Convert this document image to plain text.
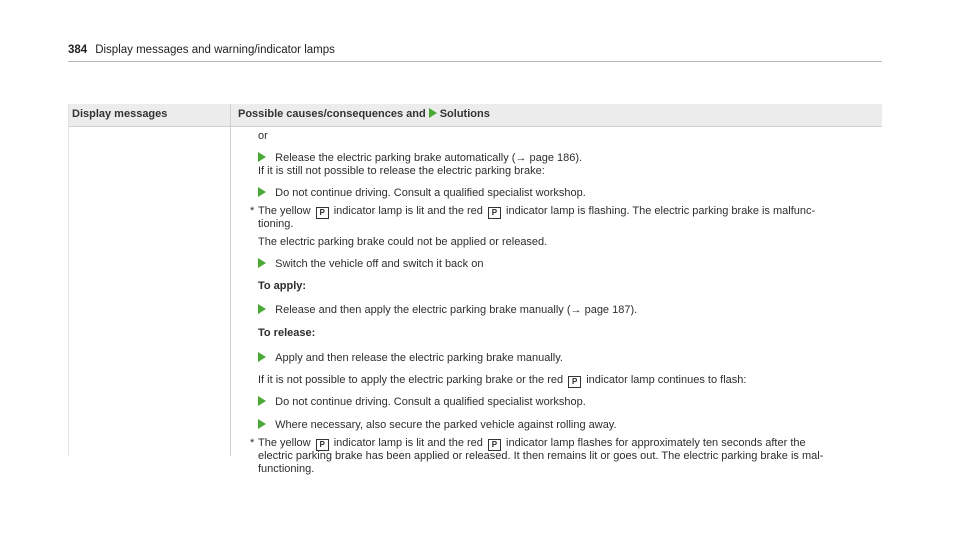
384 Display messages and warning/indicator lamps
Display messages	Possible causes/consequences and Solutions
or
Release the electric parking brake automatically (→ page 186).
If it is still not possible to release the electric parking brake:
Do not continue driving. Consult a qualified specialist workshop.
* The yellow P indicator lamp is lit and the red P indicator lamp is flashing. The electric parking brake is malfunc-
tioning.
The electric parking brake could not be applied or released.
Switch the vehicle off and switch it back on
To apply:
Release and then apply the electric parking brake manually (→ page 187).
To release:
Apply and then release the electric parking brake manually.
If it is not possible to apply the electric parking brake or the red P indicator lamp continues to flash:
Do not continue driving. Consult a qualified specialist workshop.
Where necessary, also secure the parked vehicle against rolling away.
* The yellow P indicator lamp is lit and the red P indicator lamp flashes for approximately ten seconds after the
electric parking brake has been applied or released. It then remains lit or goes out. The electric parking brake is mal-
functioning.
